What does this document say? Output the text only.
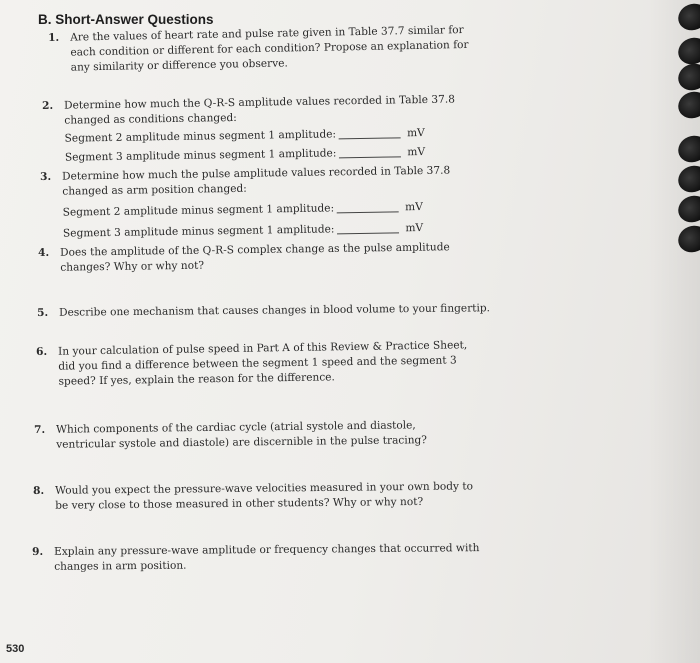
B. Short-Answer Questions
1. Are the values of heart rate and pulse rate given in Table 37.7 similar for each condition or different for each condition? Propose an explanation for any similarity or difference you observe.
2. Determine how much the Q-R-S amplitude values recorded in Table 37.8 changed as conditions changed:
Segment 2 amplitude minus segment 1 amplitude:	mV
Segment 3 amplitude minus segment 1 amplitude:	mV
3. Determine how much the pulse amplitude values recorded in Table 37.8 changed as arm position changed:
Segment 2 amplitude minus segment 1 amplitude:	mV
Segment 3 amplitude minus segment 1 amplitude:	mV
4. Does the amplitude of the Q-R-S complex change as the pulse amplitude changes? Why or why not?
5. Describe one mechanism that causes changes in blood volume to your fingertip.
6. In your calculation of pulse speed in Part A of this Review & Practice Sheet, did you find a difference between the segment 1 speed and the segment 3 speed? If yes, explain the reason for the difference.
7. Which components of the cardiac cycle (atrial systole and diastole, ventricular systole and diastole) are discernible in the pulse tracing?
8. Would you expect the pressure-wave velocities measured in your own body to be very close to those measured in other students? Why or why not?
9. Explain any pressure-wave amplitude or frequency changes that occurred with changes in arm position.
530
